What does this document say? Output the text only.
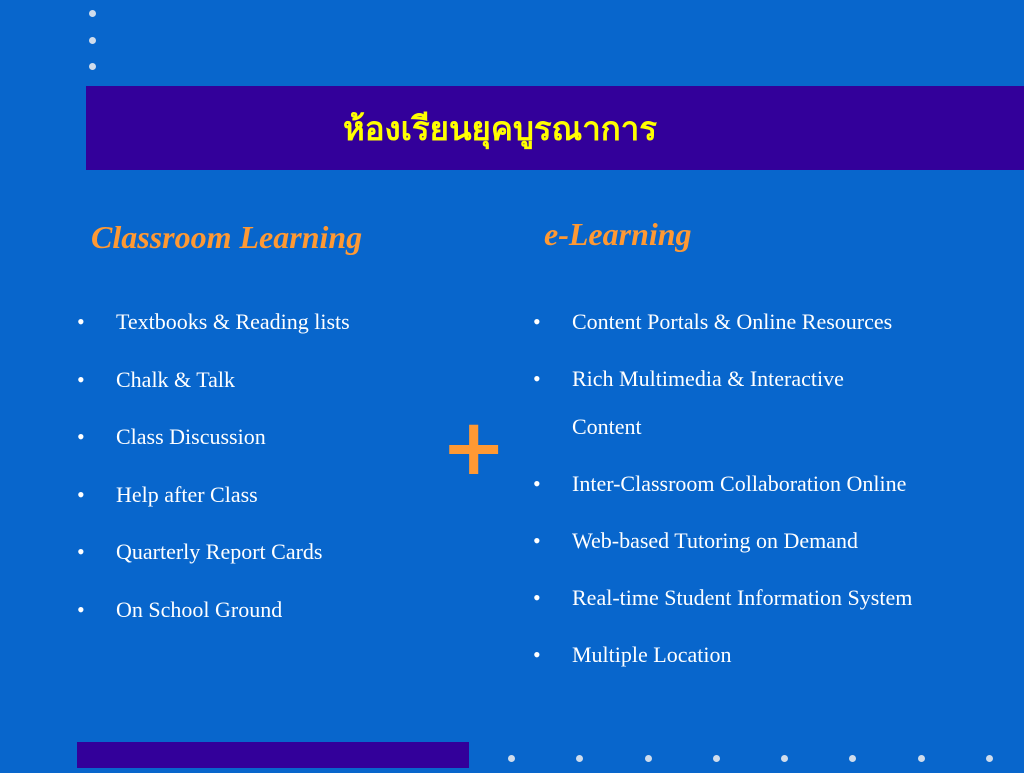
ห้องเรียนยุคบูรณาการ
Classroom Learning	e-Learning
• Textbooks & Reading lists
• Chalk & Talk
• Class Discussion
• Help after Class
• Quarterly Report Cards
• On School Ground
+
• Content Portals & Online Resources
• Rich Multimedia & Interactive Content
• Inter-Classroom Collaboration Online
• Web-based Tutoring on Demand
• Real-time Student Information System
• Multiple Location
